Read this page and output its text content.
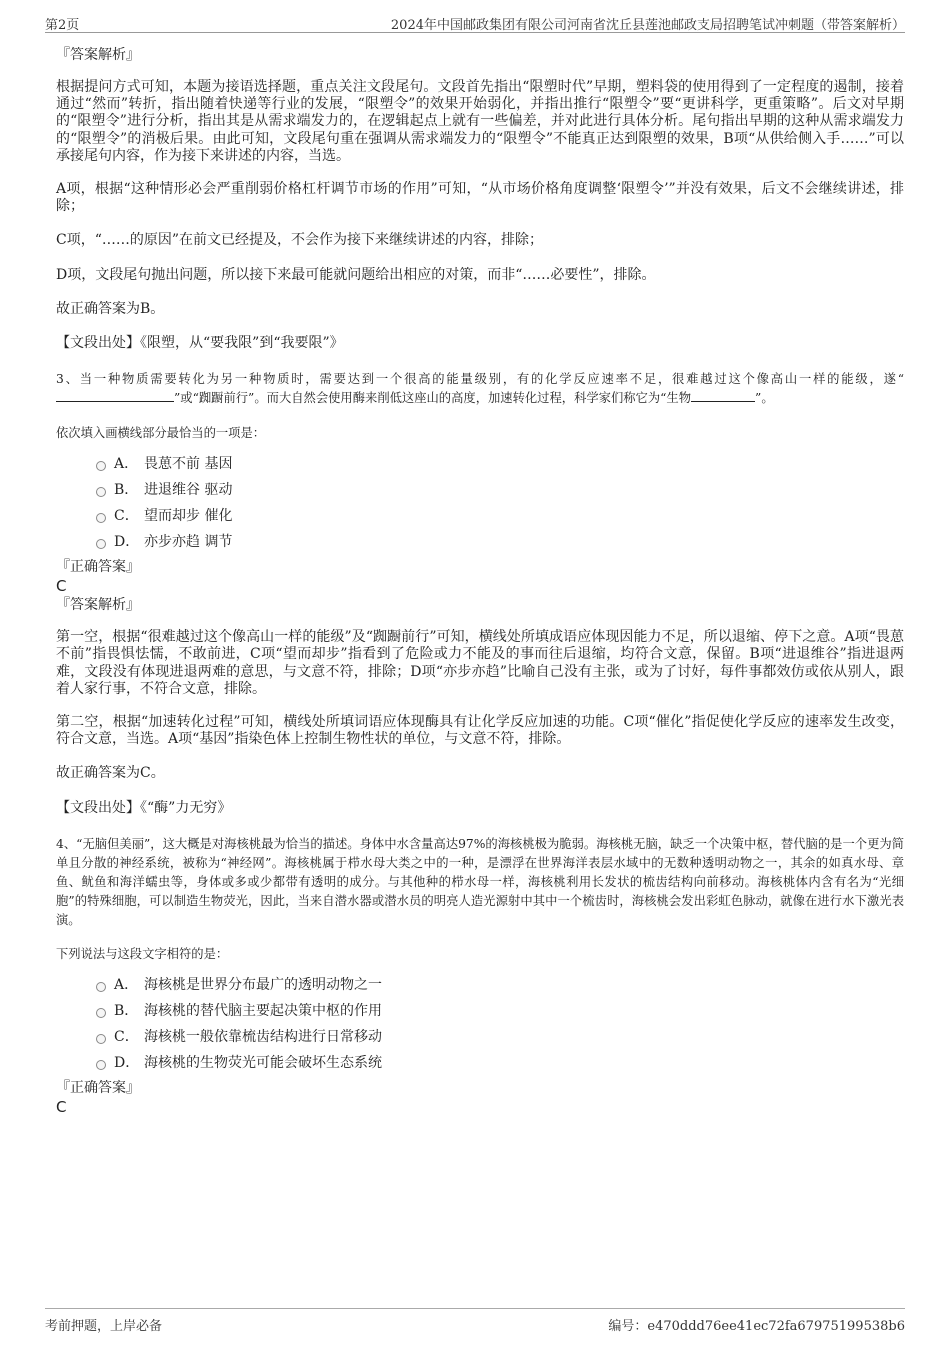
第2页	2024年中国邮政集团有限公司河南省沈丘县莲池邮政支局招聘笔试冲刺题（带答案解析）
『答案解析』

根据提问方式可知，本题为接语选择题，重点关注文段尾句。文段首先指出“限塑时代”早期，塑料袋的使用得到了一定程度的遏制，接着通过“然而”转折，指出随着快递等行业的发展，“限塑令”的效果开始弱化，并指出推行“限塑令”要“更讲科学，更重策略”。后文对早期的“限塑令”进行分析，指出其是从需求端发力的，在逻辑起点上就有一些偏差，并对此进行具体分析。尾句指出早期的这种从需求端发力的“限塑令”的消极后果。由此可知，文段尾句重在强调从需求端发力的“限塑令”不能真正达到限塑的效果，B项“从供给侧入手……”可以承接尾句内容，作为接下来讲述的内容，当选。

A项，根据“这种情形必会严重削弱价格杠杆调节市场的作用”可知，“从市场价格角度调整‘限塑令’”并没有效果，后文不会继续讲述，排除；

C项，“……的原因”在前文已经提及，不会作为接下来继续讲述的内容，排除；

D项，文段尾句抛出问题，所以接下来最可能就问题给出相应的对策，而非“……必要性”，排除。

故正确答案为B。

【文段出处】《限塑，从“要我限”到“我要限”》

3、当一种物质需要转化为另一种物质时，需要达到一个很高的能量级别，有的化学反应速率不足，很难越过这个像高山一样的能级，遂“”或“踟蹰前行”。而大自然会使用酶来削低这座山的高度，加速转化过程，科学家们称它为“生物	”。

依次填入画横线部分最恰当的一项是：

A． 畏葸不前 基因
B． 进退维谷 驱动
C． 望而却步 催化
D． 亦步亦趋 调节
『正确答案』
C
『答案解析』

第一空，根据“很难越过这个像高山一样的能级”及“踟蹰前行”可知，横线处所填成语应体现因能力不足，所以退缩、停下之意。A项“畏葸不前”指畏惧怯懦，不敢前进，C项“望而却步”指看到了危险或力不能及的事而往后退缩，均符合文意，保留。B项“进退维谷”指进退两难，文段没有体现进退两难的意思，与文意不符，排除；D项“亦步亦趋”比喻自己没有主张，或为了讨好，每件事都效仿或依从别人，跟着人家行事，不符合文意，排除。

第二空，根据“加速转化过程”可知，横线处所填词语应体现酶具有让化学反应加速的功能。C项“催化”指促使化学反应的速率发生改变，符合文意，当选。A项“基因”指染色体上控制生物性状的单位，与文意不符，排除。

故正确答案为C。

【文段出处】《“酶”力无穷》

4、“无脑但美丽”，这大概是对海核桃最为恰当的描述。身体中水含量高达97%的海核桃极为脆弱。海核桃无脑，缺乏一个决策中枢，替代脑的是一个更为简单且分散的神经系统，被称为“神经网”。海核桃属于栉水母大类之中的一种，是漂浮在世界海洋表层水域中的无数种透明动物之一，其余的如真水母、章鱼、鱿鱼和海洋蠕虫等，身体或多或少都带有透明的成分。与其他种的栉水母一样，海核桃利用长发状的梳齿结构向前移动。海核桃体内含有名为“光细胞”的特殊细胞，可以制造生物荧光，因此，当来自潜水器或潜水员的明亮人造光源射中其中一个梳齿时，海核桃会发出彩虹色脉动，就像在进行水下激光表演。

下列说法与这段文字相符的是：

A． 海核桃是世界分布最广的透明动物之一
B． 海核桃的替代脑主要起决策中枢的作用
C． 海核桃一般依靠梳齿结构进行日常移动
D． 海核桃的生物荧光可能会破坏生态系统
『正确答案』
C
考前押题，上岸必备	编号：e470ddd76ee41ec72fa67975199538b6
